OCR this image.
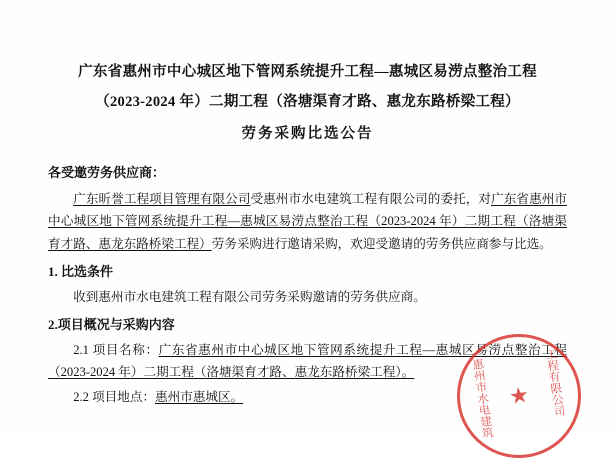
广东省惠州市中心城区地下管网系统提升工程—惠城区易涝点整治工程
（2023-2024 年）二期工程（洛塘渠育才路、惠龙东路桥梁工程）
劳务采购比选公告
各受邀劳务供应商：

广东昕誉工程项目管理有限公司受惠州市水电建筑工程有限公司的委托，对广东省惠州市中心城区地下管网系统提升工程—惠城区易涝点整治工程（2023-2024 年）二期工程（洛塘渠育才路、惠龙东路桥梁工程）劳务采购进行邀请采购，欢迎受邀请的劳务供应商参与比选。

1. 比选条件

收到惠州市水电建筑工程有限公司劳务采购邀请的劳务供应商。

2.项目概况与采购内容

2.1 项目名称：广东省惠州市中心城区地下管网系统提升工程—惠城区易涝点整治工程（2023-2024 年）二期工程（洛塘渠育才路、惠龙东路桥梁工程）。

2.2 项目地点：惠州市惠城区。	惠州市水电建筑	工程有限公司
★
